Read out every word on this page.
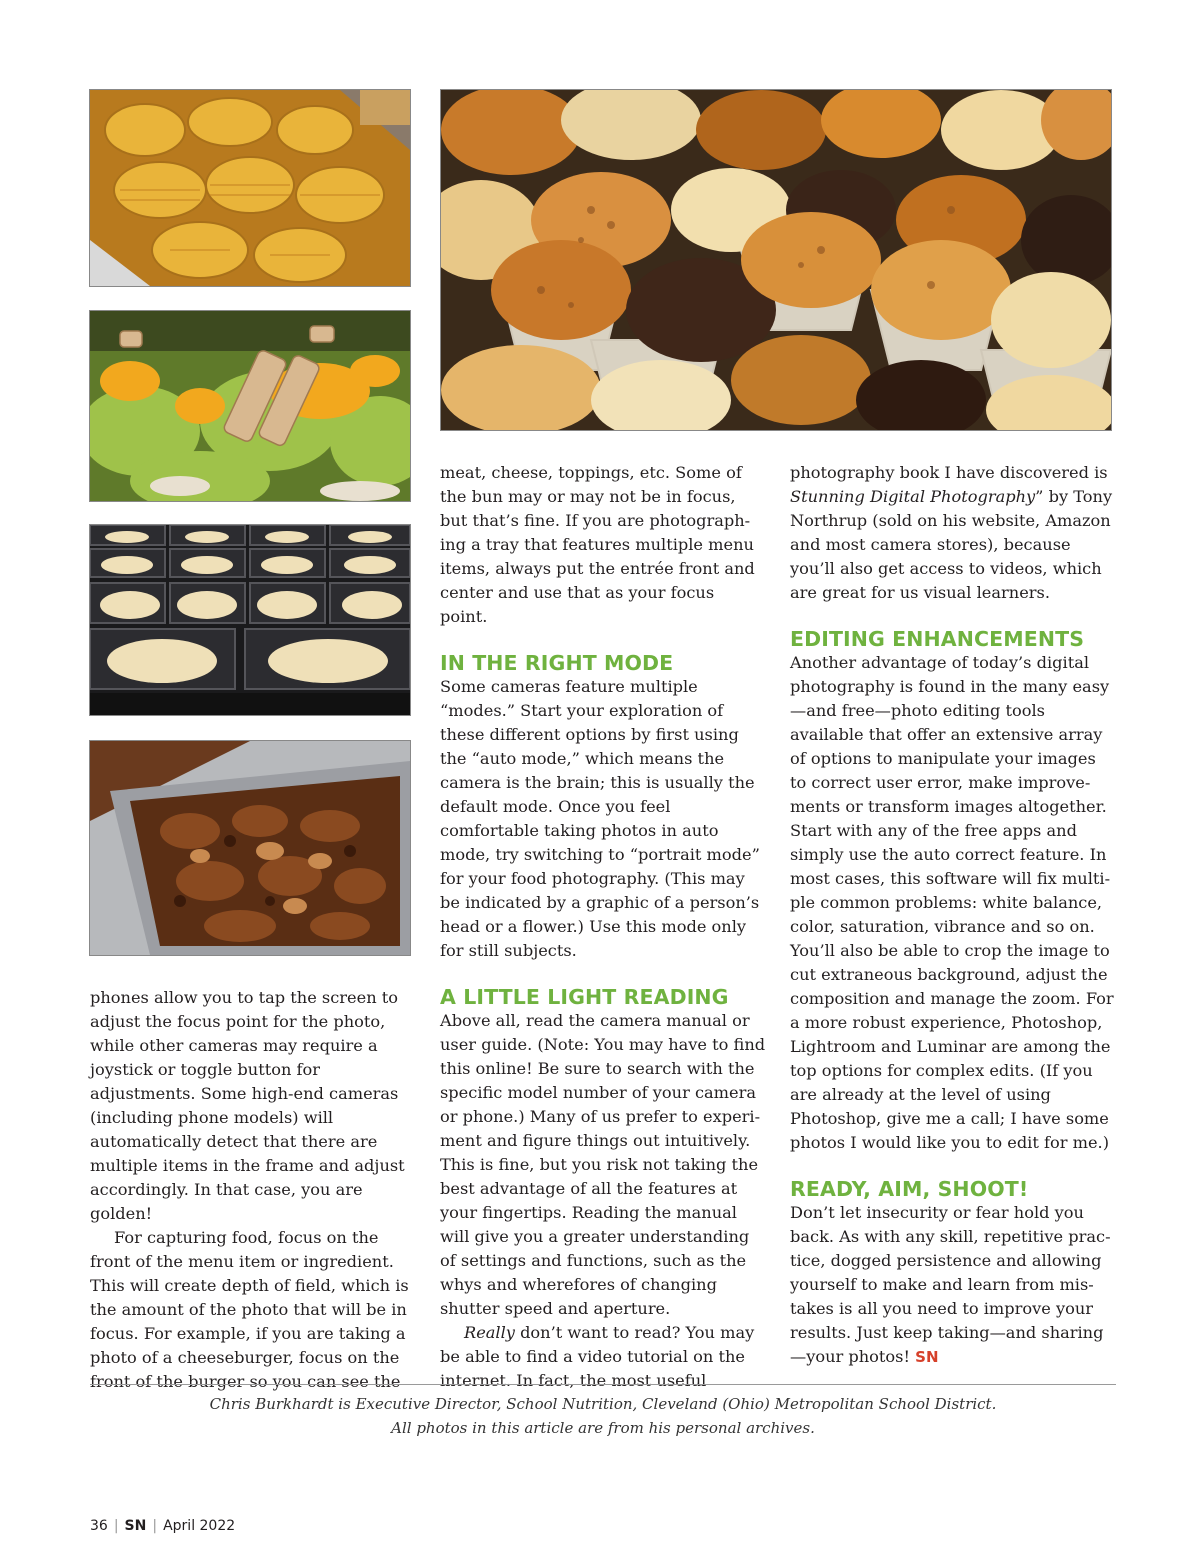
phones allow you to tap the screen to adjust the focus point for the photo, while other cameras may require a joystick or toggle button for adjustments. Some high-end cameras (including phone models) will automatically detect that there are multiple items in the frame and adjust accordingly. In that case, you are golden!

For capturing food, focus on the front of the menu item or ingredient. This will create depth of field, which is the amount of the photo that will be in focus. For example, if you are taking a photo of a cheeseburger, focus on the front of the burger so you can see the

meat, cheese, toppings, etc. Some of the bun may or may not be in focus, but that’s fine. If you are photographing a tray that features multiple menu items, always put the entrée front and center and use that as your focus point.

IN THE RIGHT MODE

Some cameras feature multiple “modes.” Start your exploration of these different options by first using the “auto mode,” which means the camera is the brain; this is usually the default mode. Once you feel comfortable taking photos in auto mode, try switching to “portrait mode” for your food photography. (This may be indicated by a graphic of a person’s head or a flower.) Use this mode only for still subjects.

A LITTLE LIGHT READING

Above all, read the camera manual or user guide. (Note: You may have to find this online! Be sure to search with the specific model number of your camera or phone.) Many of us prefer to experiment and figure things out intuitively. This is fine, but you risk not taking the best advantage of all the features at your fingertips. Reading the manual will give you a greater understanding of settings and functions, such as the whys and wherefores of changing shutter speed and aperture.

Really don’t want to read? You may be able to find a video tutorial on the internet. In fact, the most useful

photography book I have discovered is Stunning Digital Photography” by Tony Northrup (sold on his website, Amazon and most camera stores), because you’ll also get access to videos, which are great for us visual learners.

EDITING ENHANCEMENTS

Another advantage of today’s digital photography is found in the many easy—and free—photo editing tools available that offer an extensive array of options to manipulate your images to correct user error, make improvements or transform images altogether. Start with any of the free apps and simply use the auto correct feature. In most cases, this software will fix multiple common problems: white balance, color, saturation, vibrance and so on. You’ll also be able to crop the image to cut extraneous background, adjust the composition and manage the zoom. For a more robust experience, Photoshop, Lightroom and Luminar are among the top options for complex edits. (If you are already at the level of using Photoshop, give me a call; I have some photos I would like you to edit for me.)

READY, AIM, SHOOT!

Don’t let insecurity or fear hold you back. As with any skill, repetitive practice, dogged persistence and allowing yourself to make and learn from mistakes is all you need to improve your results. Just keep taking—and sharing—your photos! SN

Chris Burkhardt is Executive Director, School Nutrition, Cleveland (Ohio) Metropolitan School District.
All photos in this article are from his personal archives.
36 | SN | April 2022
